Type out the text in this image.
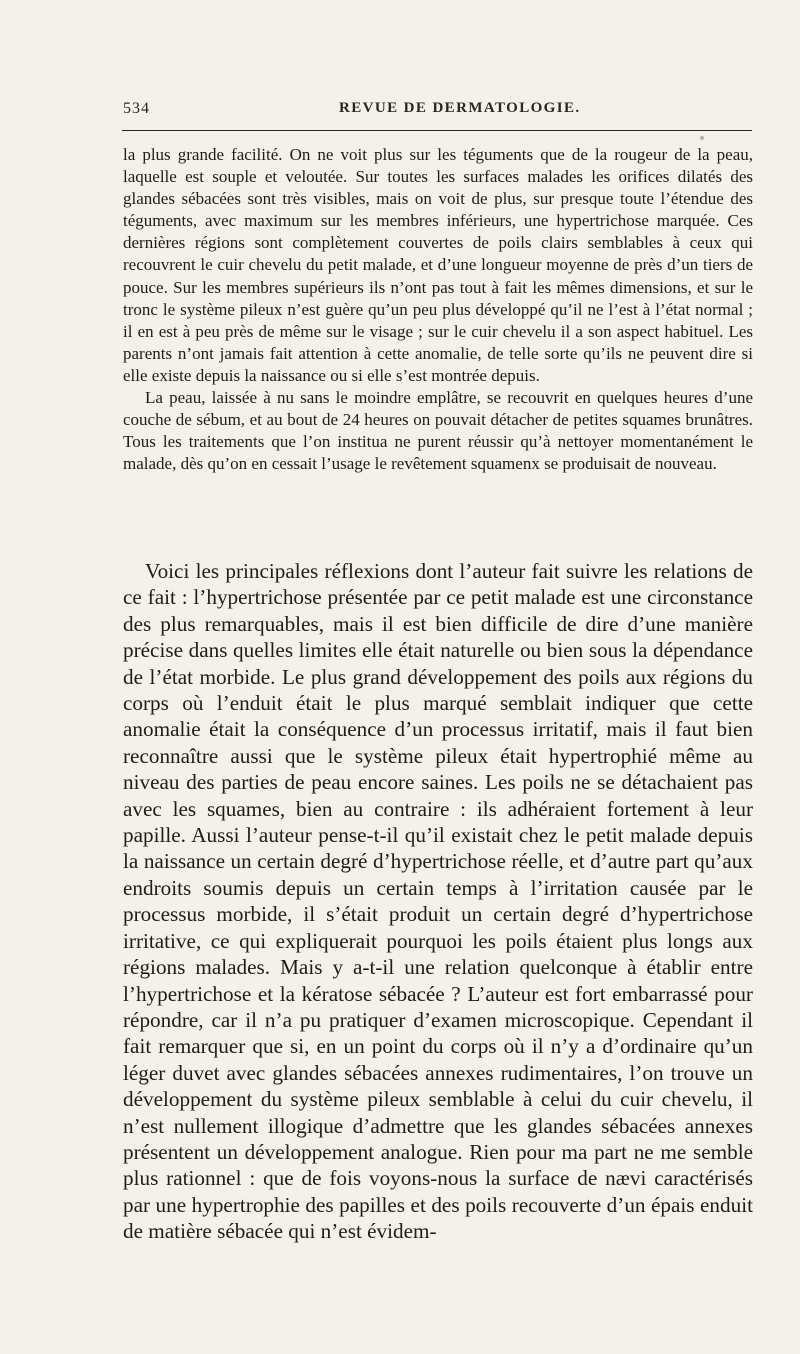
534	REVUE DE DERMATOLOGIE.

la plus grande facilité. On ne voit plus sur les téguments que de la rougeur de la peau, laquelle est souple et veloutée. Sur toutes les surfaces malades les orifices dilatés des glandes sébacées sont très visibles, mais on voit de plus, sur presque toute l’étendue des téguments, avec maximum sur les membres inférieurs, une hypertrichose marquée. Ces dernières régions sont complètement couvertes de poils clairs semblables à ceux qui recouvrent le cuir chevelu du petit malade, et d’une longueur moyenne de près d’un tiers de pouce. Sur les membres supérieurs ils n’ont pas tout à fait les mêmes dimensions, et sur le tronc le système pileux n’est guère qu’un peu plus développé qu’il ne l’est à l’état normal ; il en est à peu près de même sur le visage ; sur le cuir chevelu il a son aspect habituel. Les parents n’ont jamais fait attention à cette anomalie, de telle sorte qu’ils ne peuvent dire si elle existe depuis la naissance ou si elle s’est montrée depuis.

La peau, laissée à nu sans le moindre emplâtre, se recouvrit en quelques heures d’une couche de sébum, et au bout de 24 heures on pouvait détacher de petites squames brunâtres. Tous les traitements que l’on institua ne purent réussir qu’à nettoyer momentanément le malade, dès qu’on en cessait l’usage le revêtement squamenx se produisait de nouveau.

Voici les principales réflexions dont l’auteur fait suivre les relations de ce fait : l’hypertrichose présentée par ce petit malade est une circonstance des plus remarquables, mais il est bien difficile de dire d’une manière précise dans quelles limites elle était naturelle ou bien sous la dépendance de l’état morbide. Le plus grand développement des poils aux régions du corps où l’enduit était le plus marqué semblait indiquer que cette anomalie était la conséquence d’un processus irritatif, mais il faut bien reconnaître aussi que le système pileux était hypertrophié même au niveau des parties de peau encore saines. Les poils ne se détachaient pas avec les squames, bien au contraire : ils adhéraient fortement à leur papille. Aussi l’auteur pense-t-il qu’il existait chez le petit malade depuis la naissance un certain degré d’hypertrichose réelle, et d’autre part qu’aux endroits soumis depuis un certain temps à l’irritation causée par le processus morbide, il s’était produit un certain degré d’hypertrichose irritative, ce qui expliquerait pourquoi les poils étaient plus longs aux régions malades. Mais y a-t-il une relation quelconque à établir entre l’hypertrichose et la kératose sébacée ? L’auteur est fort embarrassé pour répondre, car il n’a pu pratiquer d’examen microscopique. Cependant il fait remarquer que si, en un point du corps où il n’y a d’ordinaire qu’un léger duvet avec glandes sébacées annexes rudimentaires, l’on trouve un développement du système pileux semblable à celui du cuir chevelu, il n’est nullement illogique d’admettre que les glandes sébacées annexes présentent un développement analogue. Rien pour ma part ne me semble plus rationnel : que de fois voyons-nous la surface de nævi caractérisés par une hypertrophie des papilles et des poils recouverte d’un épais enduit de matière sébacée qui n’est évidem-
